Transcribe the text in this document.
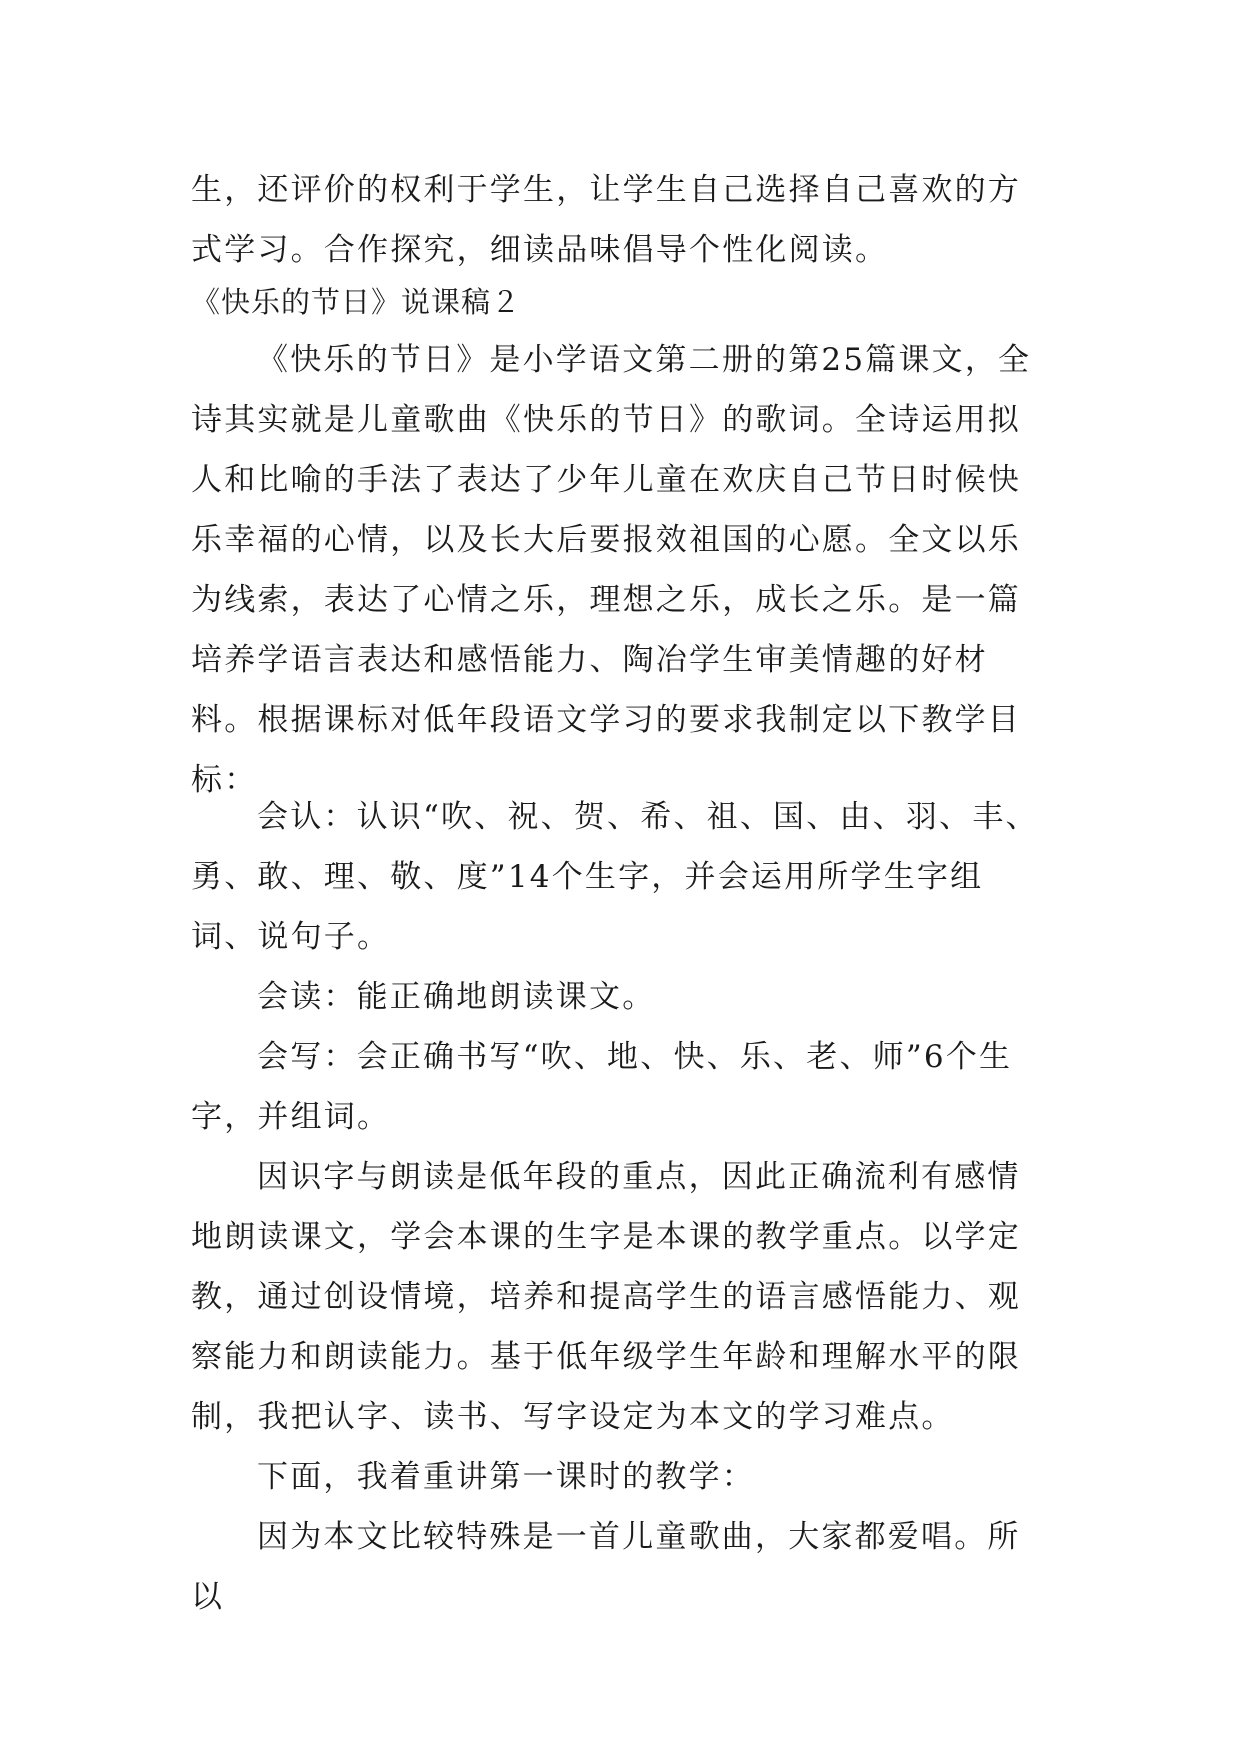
生，还评价的权利于学生，让学生自己选择自己喜欢的方式学习。合作探究，细读品味倡导个性化阅读。

《快乐的节日》说课稿２

《快乐的节日》是小学语文第二册的第25篇课文，全诗其实就是儿童歌曲《快乐的节日》的歌词。全诗运用拟人和比喻的手法了表达了少年儿童在欢庆自己节日时候快乐幸福的心情，以及长大后要报效祖国的心愿。全文以乐为线索，表达了心情之乐，理想之乐，成长之乐。是一篇培养学语言表达和感悟能力、陶冶学生审美情趣的好材料。根据课标对低年段语文学习的要求我制定以下教学目标：

会认：认识“吹、祝、贺、希、祖、国、由、羽、丰、勇、敢、理、敬、度”14个生字，并会运用所学生字组词、说句子。

会读：能正确地朗读课文。

会写：会正确书写“吹、地、快、乐、老、师”6个生字，并组词。

因识字与朗读是低年段的重点，因此正确流利有感情地朗读课文，学会本课的生字是本课的教学重点。以学定教，通过创设情境，培养和提高学生的语言感悟能力、观察能力和朗读能力。基于低年级学生年龄和理解水平的限制，我把认字、读书、写字设定为本文的学习难点。

下面，我着重讲第一课时的教学：

因为本文比较特殊是一首儿童歌曲，大家都爱唱。所以
